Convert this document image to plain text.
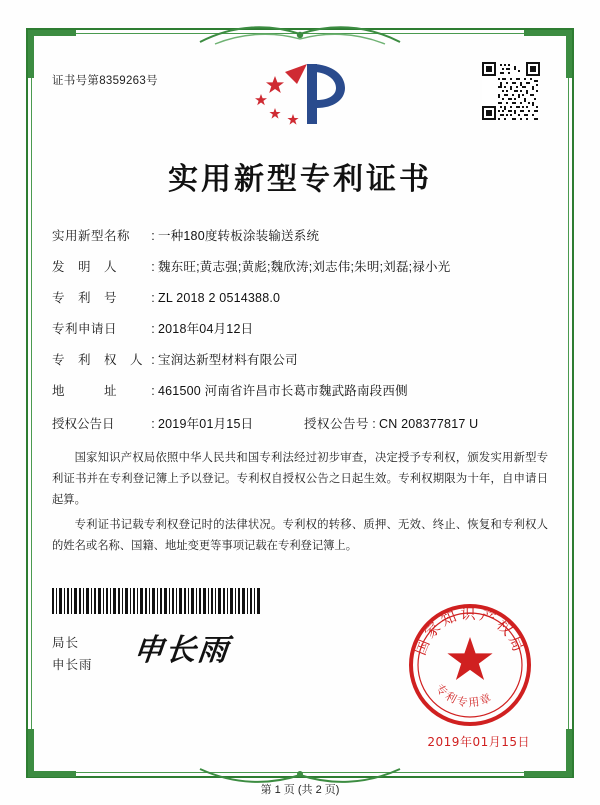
证书号第8359263号
实用新型专利证书
实用新型名称	: 一种180度转板涂装输送系统
发　明　人	: 魏东旺;黄志强;黄彪;魏欣涛;刘志伟;朱明;刘磊;禄小光
专　利　号	: ZL 2018 2 0514388.0
专利申请日	: 2018年04月12日
专　利　权　人 : 宝润达新型材料有限公司
地　　　址	: 461500 河南省许昌市长葛市魏武路南段西侧
授权公告日	: 2019年01月15日	授权公告号 : CN 208377817 U

国家知识产权局依照中华人民共和国专利法经过初步审查，决定授予专利权，颁发实用新型专利证书并在专利登记簿上予以登记。专利权自授权公告之日起生效。专利权期限为十年，自申请日起算。

专利证书记载专利权登记时的法律状况。专利权的转移、质押、无效、终止、恢复和专利权人的姓名或名称、国籍、地址变更等事项记载在专利登记簿上。

局长
申长雨	申长雨	国家知识产权局
专利专用章
2019年01月15日
第 1 页 (共 2 页)
